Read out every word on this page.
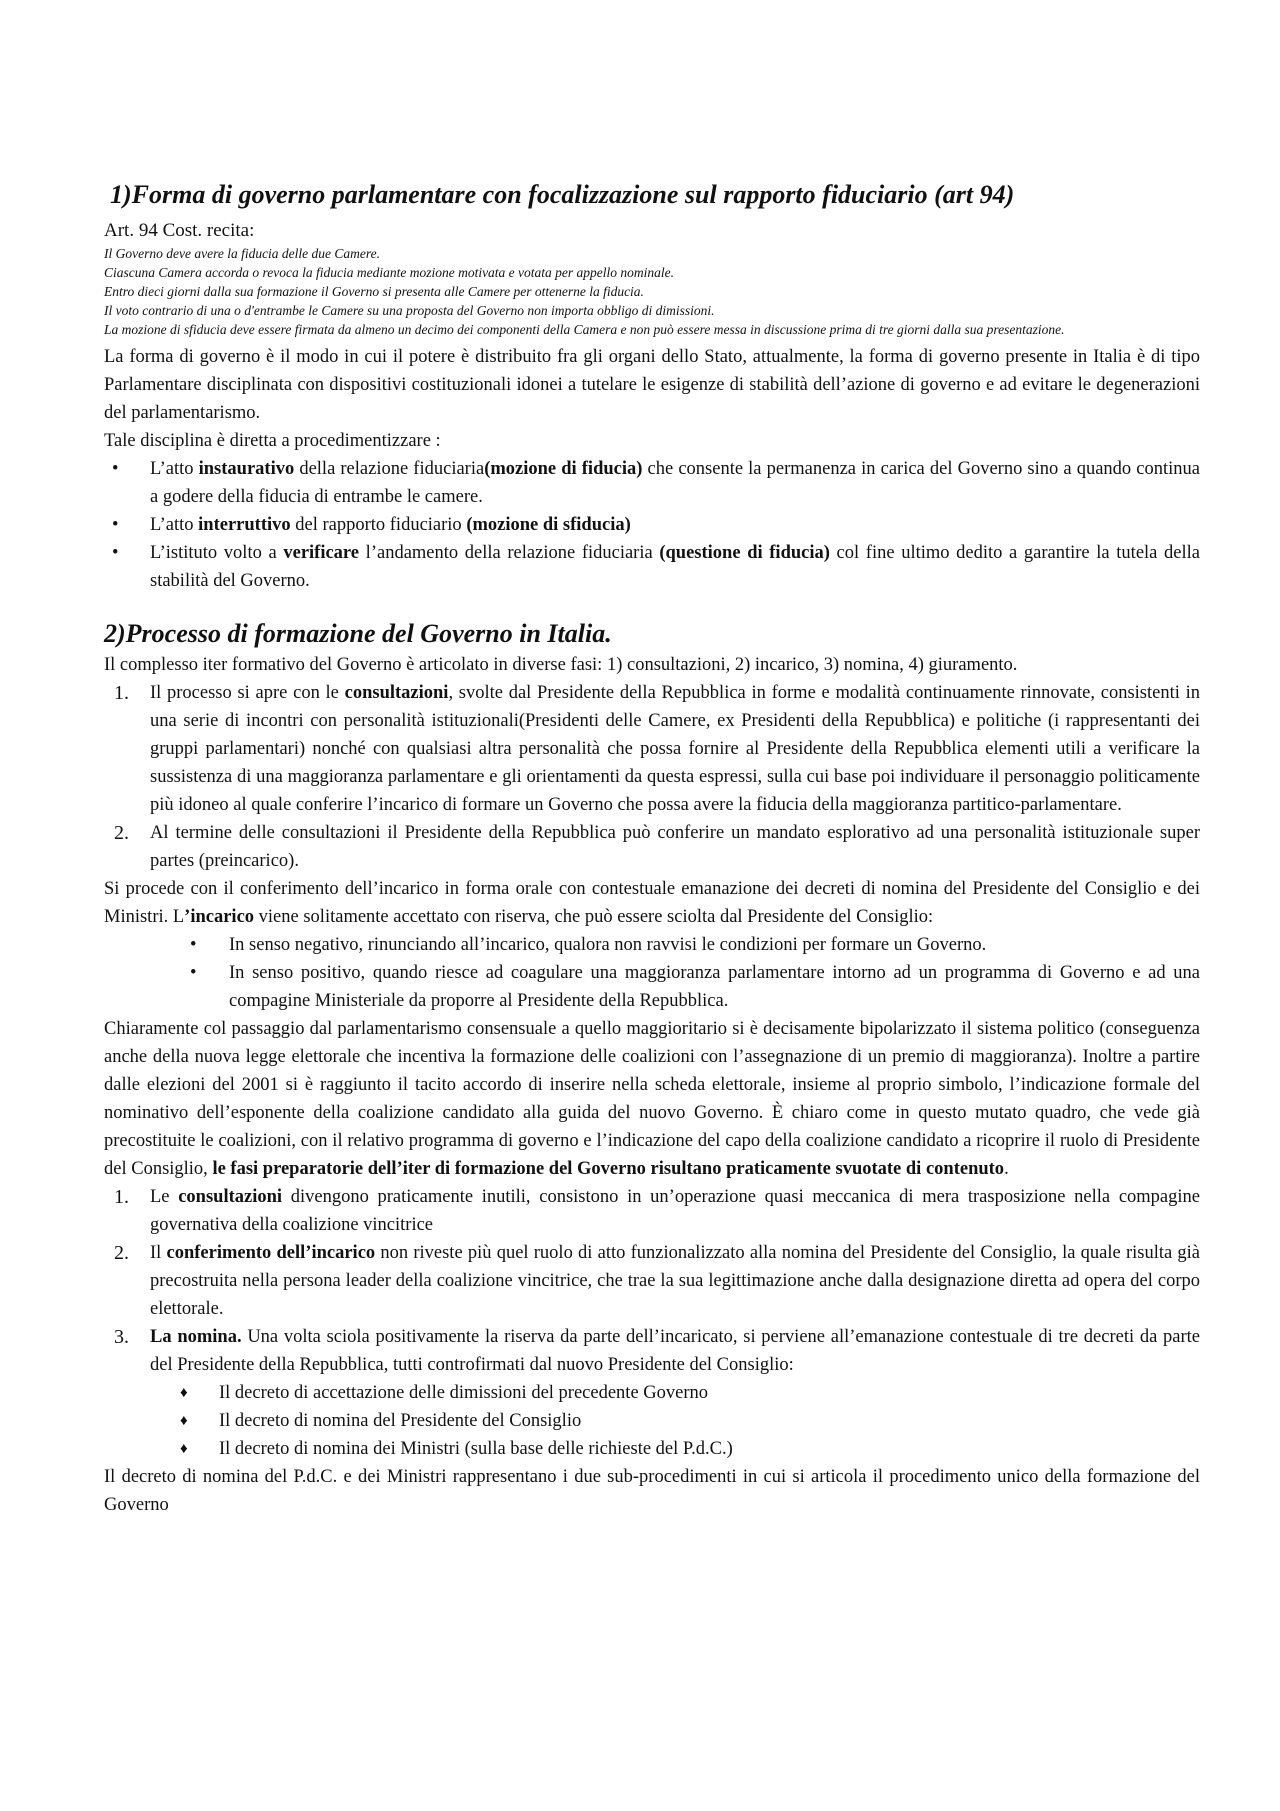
1)Forma di governo parlamentare con focalizzazione sul rapporto fiduciario (art 94)

Art. 94 Cost. recita:

Il Governo deve avere la fiducia delle due Camere.

Ciascuna Camera accorda o revoca la fiducia mediante mozione motivata e votata per appello nominale.

Entro dieci giorni dalla sua formazione il Governo si presenta alle Camere per ottenerne la fiducia.

Il voto contrario di una o d'entrambe le Camere su una proposta del Governo non importa obbligo di dimissioni.

La mozione di sfiducia deve essere firmata da almeno un decimo dei componenti della Camera e non può essere messa in discussione prima di tre giorni dalla sua presentazione.

La forma di governo è il modo in cui il potere è distribuito fra gli organi dello Stato, attualmente, la forma di governo presente in Italia è di tipo Parlamentare disciplinata con dispositivi costituzionali idonei a tutelare le esigenze di stabilità dell’azione di governo e ad evitare le degenerazioni del parlamentarismo.

Tale disciplina è diretta a procedimentizzare :

• L’atto instaurativo della relazione fiduciaria(mozione di fiducia) che consente la permanenza in carica del Governo sino a quando continua a godere della fiducia di entrambe le camere.
• L’atto interruttivo del rapporto fiduciario (mozione di sfiducia)
• L’istituto volto a verificare l’andamento della relazione fiduciaria (questione di fiducia) col fine ultimo dedito a garantire la tutela della stabilità del Governo.
2)Processo di formazione del Governo in Italia.

Il complesso iter formativo del Governo è articolato in diverse fasi: 1) consultazioni, 2) incarico, 3) nomina, 4) giuramento.

1. Il processo si apre con le consultazioni, svolte dal Presidente della Repubblica in forme e modalità continuamente rinnovate, consistenti in una serie di incontri con personalità istituzionali(Presidenti delle Camere, ex Presidenti della Repubblica) e politiche (i rappresentanti dei gruppi parlamentari) nonché con qualsiasi altra personalità che possa fornire al Presidente della Repubblica elementi utili a verificare la sussistenza di una maggioranza parlamentare e gli orientamenti da questa espressi, sulla cui base poi individuare il personaggio politicamente più idoneo al quale conferire l’incarico di formare un Governo che possa avere la fiducia della maggioranza partitico-parlamentare.
2. Al termine delle consultazioni il Presidente della Repubblica può conferire un mandato esplorativo ad una personalità istituzionale super partes (preincarico).

Si procede con il conferimento dell’incarico in forma orale con contestuale emanazione dei decreti di nomina del Presidente del Consiglio e dei Ministri. L’incarico viene solitamente accettato con riserva, che può essere sciolta dal Presidente del Consiglio:

• In senso negativo, rinunciando all’incarico, qualora non ravvisi le condizioni per formare un Governo.
• In senso positivo, quando riesce ad coagulare una maggioranza parlamentare intorno ad un programma di Governo e ad una compagine Ministeriale da proporre al Presidente della Repubblica.

Chiaramente col passaggio dal parlamentarismo consensuale a quello maggioritario si è decisamente bipolarizzato il sistema politico (conseguenza anche della nuova legge elettorale che incentiva la formazione delle coalizioni con l’assegnazione di un premio di maggioranza). Inoltre a partire dalle elezioni del 2001 si è raggiunto il tacito accordo di inserire nella scheda elettorale, insieme al proprio simbolo, l’indicazione formale del nominativo dell’esponente della coalizione candidato alla guida del nuovo Governo. È chiaro come in questo mutato quadro, che vede già precostituite le coalizioni, con il relativo programma di governo e l’indicazione del capo della coalizione candidato a ricoprire il ruolo di Presidente del Consiglio, le fasi preparatorie dell’iter di formazione del Governo risultano praticamente svuotate di contenuto.

1. Le consultazioni divengono praticamente inutili, consistono in un’operazione quasi meccanica di mera trasposizione nella compagine governativa della coalizione vincitrice
2. Il conferimento dell’incarico non riveste più quel ruolo di atto funzionalizzato alla nomina del Presidente del Consiglio, la quale risulta già precostruita nella persona leader della coalizione vincitrice, che trae la sua legittimazione anche dalla designazione diretta ad opera del corpo elettorale.
3. La nomina. Una volta sciola positivamente la riserva da parte dell’incaricato, si perviene all’emanazione contestuale di tre decreti da parte del Presidente della Repubblica, tutti controfirmati dal nuovo Presidente del Consiglio:
♦ Il decreto di accettazione delle dimissioni del precedente Governo
♦ Il decreto di nomina del Presidente del Consiglio
♦ Il decreto di nomina dei Ministri (sulla base delle richieste del P.d.C.)

Il decreto di nomina del P.d.C. e dei Ministri rappresentano i due sub-procedimenti in cui si articola il procedimento unico della formazione del Governo
